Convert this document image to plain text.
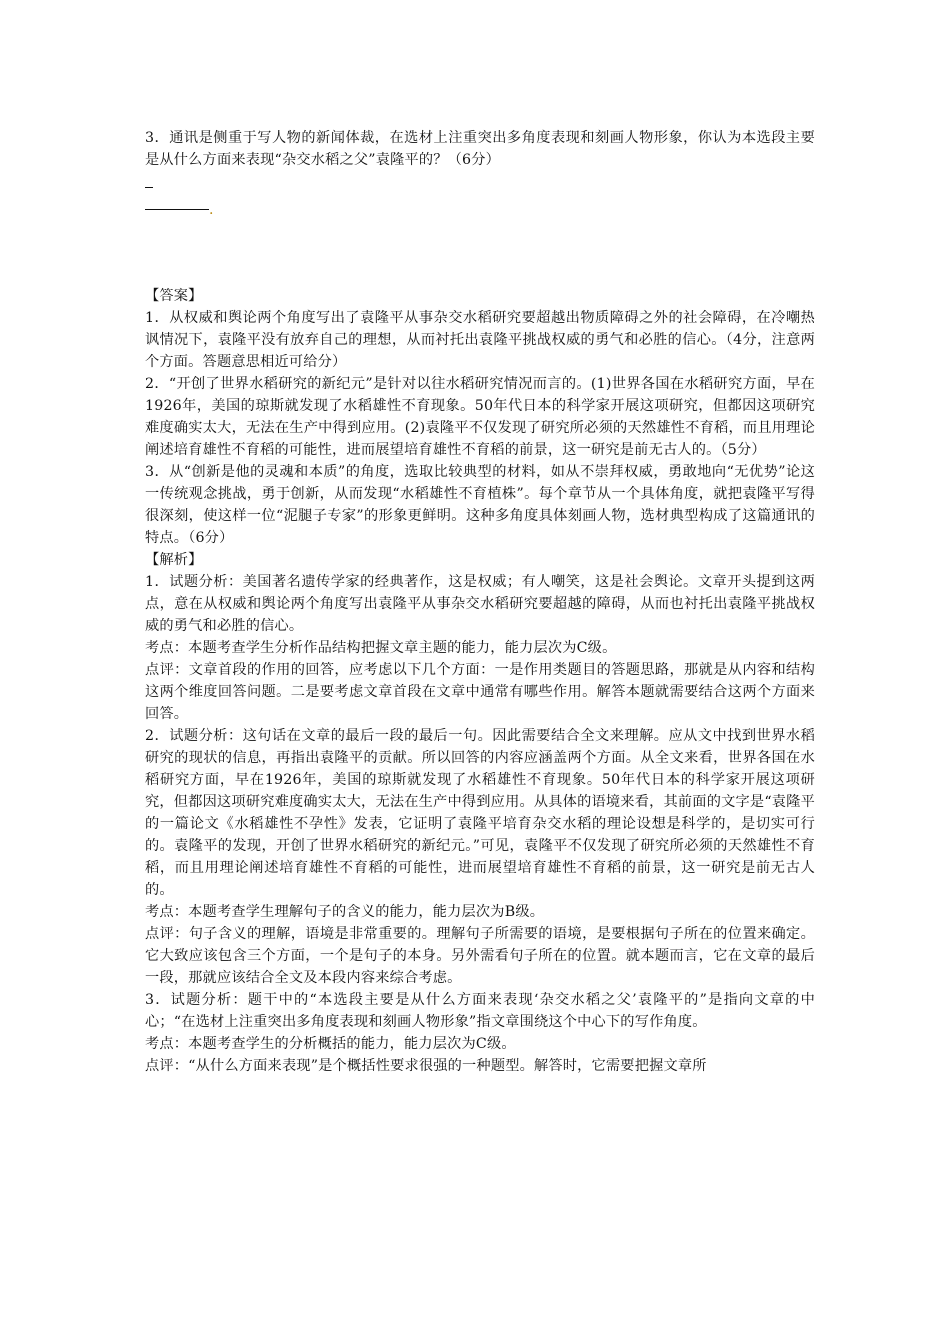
3．通讯是侧重于写人物的新闻体裁，在选材上注重突出多角度表现和刻画人物形象，你认为本选段主要是从什么方面来表现“杂交水稻之父”袁隆平的？（6分）

.

【答案】

1．从权威和舆论两个角度写出了袁隆平从事杂交水稻研究要超越出物质障碍之外的社会障碍，在冷嘲热讽情况下，袁隆平没有放弃自己的理想，从而衬托出袁隆平挑战权威的勇气和必胜的信心。（4分，注意两个方面。答题意思相近可给分）

2．“开创了世界水稻研究的新纪元”是针对以往水稻研究情况而言的。(1)世界各国在水稻研究方面，早在1926年，美国的琼斯就发现了水稻雄性不育现象。50年代日本的科学家开展这项研究，但都因这项研究难度确实太大，无法在生产中得到应用。(2)袁隆平不仅发现了研究所必须的天然雄性不育稻，而且用理论阐述培育雄性不育稻的可能性，进而展望培育雄性不育稻的前景，这一研究是前无古人的。（5分）

3．从“创新是他的灵魂和本质”的角度，选取比较典型的材料，如从不崇拜权威，勇敢地向“无优势”论这一传统观念挑战，勇于创新，从而发现“水稻雄性不育植株”。每个章节从一个具体角度，就把袁隆平写得很深刻，使这样一位“泥腿子专家”的形象更鲜明。这种多角度具体刻画人物，选材典型构成了这篇通讯的特点。（6分）

【解析】

1．试题分析：美国著名遗传学家的经典著作，这是权威；有人嘲笑，这是社会舆论。文章开头提到这两点，意在从权威和舆论两个角度写出袁隆平从事杂交水稻研究要超越的障碍，从而也衬托出袁隆平挑战权威的勇气和必胜的信心。

考点：本题考查学生分析作品结构把握文章主题的能力，能力层次为C级。

点评：文章首段的作用的回答，应考虑以下几个方面：一是作用类题目的答题思路，那就是从内容和结构这两个维度回答问题。二是要考虑文章首段在文章中通常有哪些作用。解答本题就需要结合这两个方面来回答。

2．试题分析：这句话在文章的最后一段的最后一句。因此需要结合全文来理解。应从文中找到世界水稻研究的现状的信息，再指出袁隆平的贡献。所以回答的内容应涵盖两个方面。从全文来看，世界各国在水稻研究方面，早在1926年，美国的琼斯就发现了水稻雄性不育现象。50年代日本的科学家开展这项研究，但都因这项研究难度确实太大，无法在生产中得到应用。从具体的语境来看，其前面的文字是“袁隆平的一篇论文《水稻雄性不孕性》发表，它证明了袁隆平培育杂交水稻的理论设想是科学的，是切实可行的。袁隆平的发现，开创了世界水稻研究的新纪元。”可见，袁隆平不仅发现了研究所必须的天然雄性不育稻，而且用理论阐述培育雄性不育稻的可能性，进而展望培育雄性不育稻的前景，这一研究是前无古人的。

考点：本题考查学生理解句子的含义的能力，能力层次为B级。

点评：句子含义的理解，语境是非常重要的。理解句子所需要的语境，是要根据句子所在的位置来确定。它大致应该包含三个方面，一个是句子的本身。另外需看句子所在的位置。就本题而言，它在文章的最后一段，那就应该结合全文及本段内容来综合考虑。

3．试题分析：题干中的“本选段主要是从什么方面来表现‘杂交水稻之父’袁隆平的”是指向文章的中心；“在选材上注重突出多角度表现和刻画人物形象”指文章围绕这个中心下的写作角度。

考点：本题考查学生的分析概括的能力，能力层次为C级。

点评：“从什么方面来表现”是个概括性要求很强的一种题型。解答时，它需要把握文章所
